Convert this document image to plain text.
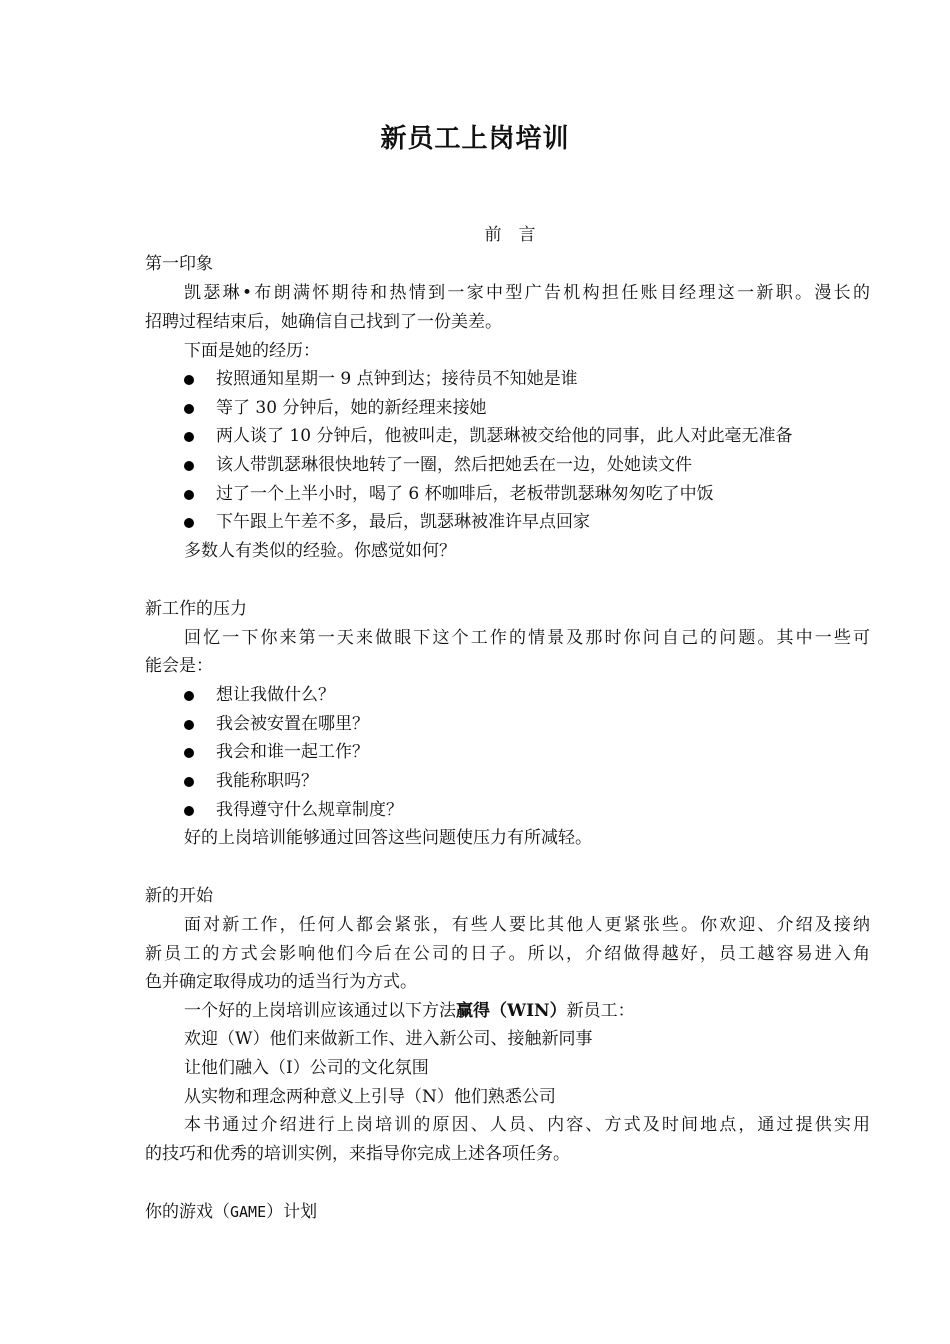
新员工上岗培训
前　言
第一印象
凯瑟琳•布朗满怀期待和热情到一家中型广告机构担任账目经理这一新职。漫长的
招聘过程结束后，她确信自己找到了一份美差。
下面是她的经历：
按照通知星期一 9 点钟到达；接待员不知她是谁
等了 30 分钟后，她的新经理来接她
两人谈了 10 分钟后，他被叫走，凯瑟琳被交给他的同事，此人对此毫无准备
该人带凯瑟琳很快地转了一圈，然后把她丢在一边，处她读文件
过了一个上半小时，喝了 6 杯咖啡后，老板带凯瑟琳匆匆吃了中饭
下午跟上午差不多，最后，凯瑟琳被准许早点回家
多数人有类似的经验。你感觉如何？
新工作的压力
回忆一下你来第一天来做眼下这个工作的情景及那时你问自己的问题。其中一些可
能会是：
想让我做什么？
我会被安置在哪里？
我会和谁一起工作？
我能称职吗？
我得遵守什么规章制度？
好的上岗培训能够通过回答这些问题使压力有所减轻。
新的开始
面对新工作，任何人都会紧张，有些人要比其他人更紧张些。你欢迎、介绍及接纳
新员工的方式会影响他们今后在公司的日子。所以，介绍做得越好，员工越容易进入角
色并确定取得成功的适当行为方式。
一个好的上岗培训应该通过以下方法赢得（WIN）新员工：
欢迎（W）他们来做新工作、进入新公司、接触新同事
让他们融入（I）公司的文化氛围
从实物和理念两种意义上引导（N）他们熟悉公司
本书通过介绍进行上岗培训的原因、人员、内容、方式及时间地点，通过提供实用
的技巧和优秀的培训实例，来指导你完成上述各项任务。
你的游戏（GAME）计划
